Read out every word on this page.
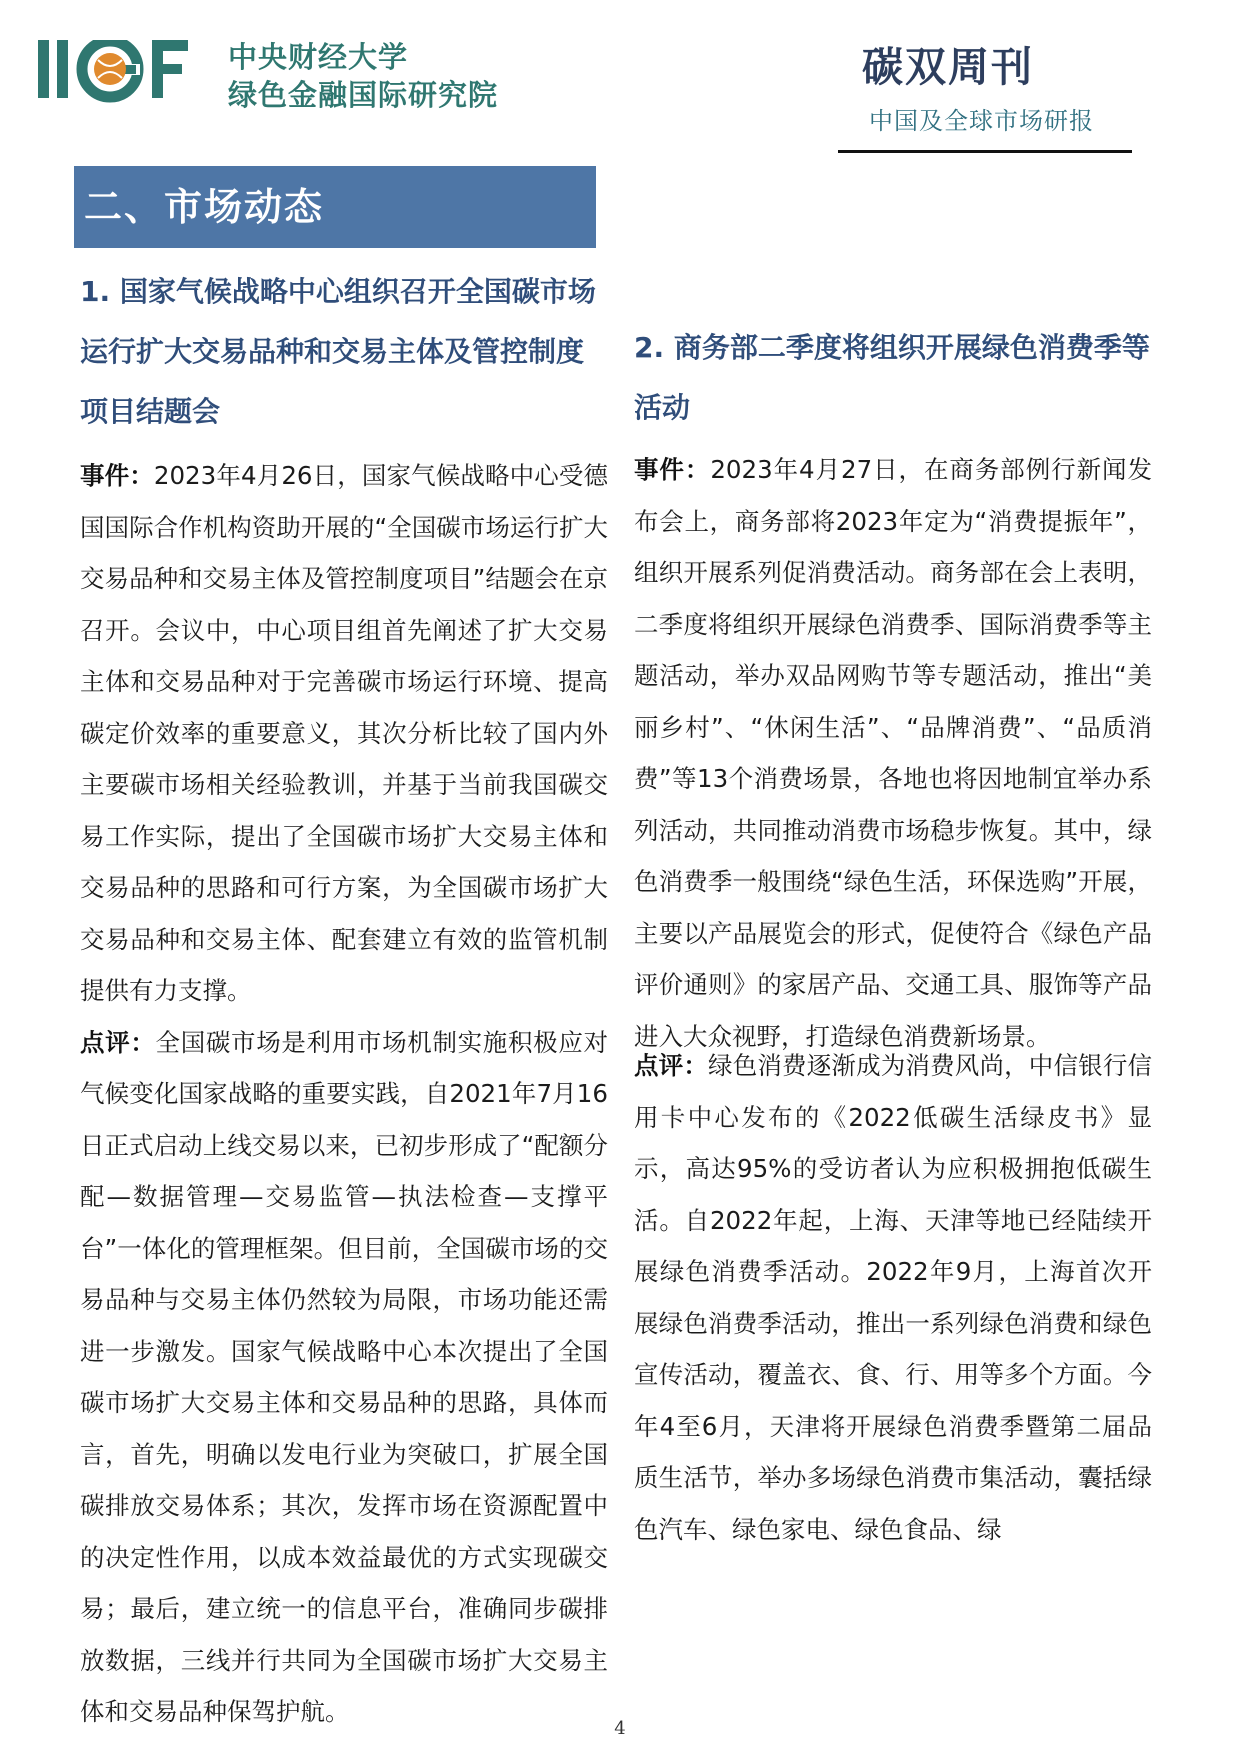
中央财经大学
绿色金融国际研究院
碳双周刊
中国及全球市场研报
二、市场动态
1. 国家气候战略中心组织召开全国碳市场运行扩大交易品种和交易主体及管控制度项目结题会

事件：2023年4月26日，国家气候战略中心受德国国际合作机构资助开展的“全国碳市场运行扩大交易品种和交易主体及管控制度项目”结题会在京召开。会议中，中心项目组首先阐述了扩大交易主体和交易品种对于完善碳市场运行环境、提高碳定价效率的重要意义，其次分析比较了国内外主要碳市场相关经验教训，并基于当前我国碳交易工作实际，提出了全国碳市场扩大交易主体和交易品种的思路和可行方案，为全国碳市场扩大交易品种和交易主体、配套建立有效的监管机制提供有力支撑。

点评：全国碳市场是利用市场机制实施积极应对气候变化国家战略的重要实践，自2021年7月16日正式启动上线交易以来，已初步形成了“配额分配—数据管理—交易监管—执法检查—支撑平台”一体化的管理框架。但目前，全国碳市场的交易品种与交易主体仍然较为局限，市场功能还需进一步激发。国家气候战略中心本次提出了全国碳市场扩大交易主体和交易品种的思路，具体而言，首先，明确以发电行业为突破口，扩展全国碳排放交易体系；其次，发挥市场在资源配置中的决定性作用，以成本效益最优的方式实现碳交易；最后，建立统一的信息平台，准确同步碳排放数据，三线并行共同为全国碳市场扩大交易主体和交易品种保驾护航。

点评：绿色消费逐渐成为消费风尚，中信银行信用卡中心发布的《2022低碳生活绿皮书》显示，高达95%的受访者认为应积极拥抱低碳生活。自2022年起，上海、天津等地已经陆续开展绿色消费季活动。2022年9月，上海首次开展绿色消费季活动，推出一系列绿色消费和绿色宣传活动，覆盖衣、食、行、用等多个方面。今年4至6月，天津将开展绿色消费季暨第二届品质生活节，举办多场绿色消费市集活动，囊括绿色汽车、绿色家电、绿色食品、绿

2. 商务部二季度将组织开展绿色消费季等活动

事件：2023年4月27日，在商务部例行新闻发布会上，商务部将2023年定为“消费提振年”，组织开展系列促消费活动。商务部在会上表明，二季度将组织开展绿色消费季、国际消费季等主题活动，举办双品网购节等专题活动，推出“美丽乡村”、“休闲生活”、“品牌消费”、“品质消费”等13个消费场景，各地也将因地制宜举办系列活动，共同推动消费市场稳步恢复。其中，绿色消费季一般围绕“绿色生活，环保选购”开展，主要以产品展览会的形式，促使符合《绿色产品评价通则》的家居产品、交通工具、服饰等产品进入大众视野，打造绿色消费新场景。

4
